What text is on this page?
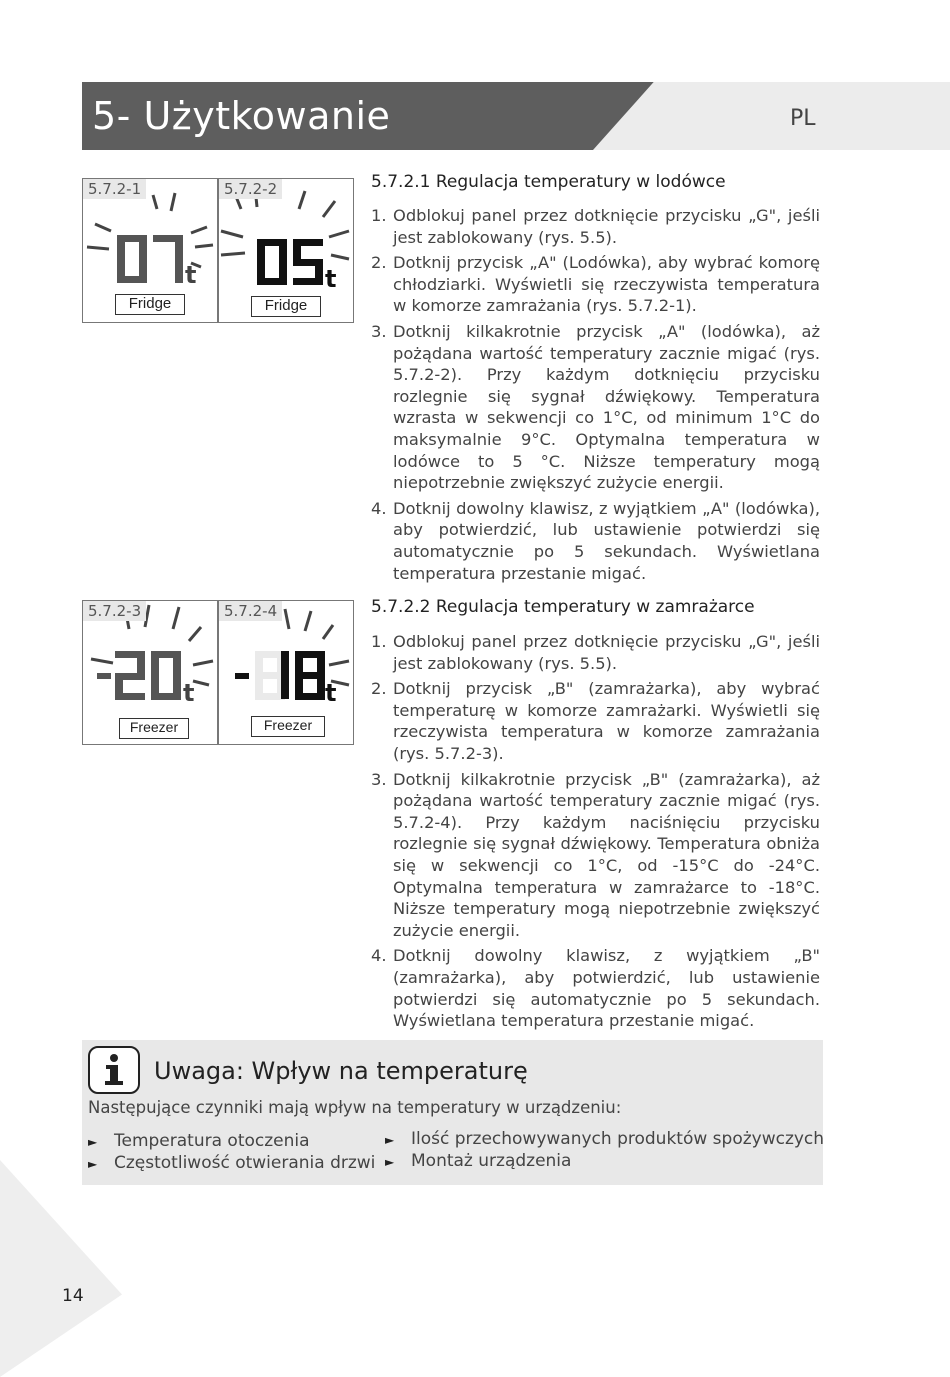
5- Użytkowanie	PL
t
5.7.2-1
Fridge
t
5.7.2-2
Fridge
t
5.7.2-3
Freezer
t
5.7.2-4
Freezer
5.7.2.1 Regulacja temperatury w lodówce
1. Odblokuj panel przez dotknięcie przycisku „G", jeśli jest zablokowany (rys. 5.5).
2. Dotknij przycisk „A" (Lodówka), aby wybrać komorę chłodziarki. Wyświetli się rzeczywista temperatura w komorze zamrażania (rys. 5.7.2-1).
3. Dotknij kilkakrotnie przycisk „A" (lodówka), aż pożądana wartość temperatury zacznie migać (rys. 5.7.2-2). Przy każdym dotknięciu przycisku rozlegnie się sygnał dźwiękowy. Temperatura wzrasta w sekwencji co 1°C, od minimum 1°C do maksymalnie 9°C. Optymalna temperatura w lodówce to 5 °C. Niższe temperatury mogą niepotrzebnie zwiększyć zużycie energii.
4. Dotknij dowolny klawisz, z wyjątkiem „A" (lodówka), aby potwierdzić, lub ustawienie potwierdzi się automatycznie po 5 sekundach. Wyświetlana temperatura przestanie migać.
5.7.2.2 Regulacja temperatury w zamrażarce
1. Odblokuj panel przez dotknięcie przycisku „G", jeśli jest zablokowany (rys. 5.5).
2. Dotknij przycisk „B" (zamrażarka), aby wybrać temperaturę w komorze zamrażarki. Wyświetli się rzeczywista temperatura w komorze zamrażania (rys. 5.7.2-3).
3. Dotknij kilkakrotnie przycisk „B" (zamrażarka), aż pożądana wartość temperatury zacznie migać (rys. 5.7.2-4). Przy każdym naciśnięciu przycisku rozlegnie się sygnał dźwiękowy. Temperatura obniża się w sekwencji co 1°C, od -15°C do -24°C. Optymalna temperatura w zamrażarce to -18°C. Niższe temperatury mogą niepotrzebnie zwiększyć zużycie energii.
4. Dotknij dowolny klawisz, z wyjątkiem „B" (zamrażarka), aby potwierdzić, lub ustawienie potwierdzi się automatycznie po 5 sekundach. Wyświetlana temperatura przestanie migać.
Uwaga: Wpływ na temperaturę
Następujące czynniki mają wpływ na temperatury w urządzeniu:
► Temperatura otoczenia
► Częstotliwość otwierania drzwi
► Ilość przechowywanych produktów spożywczych
► Montaż urządzenia
14
